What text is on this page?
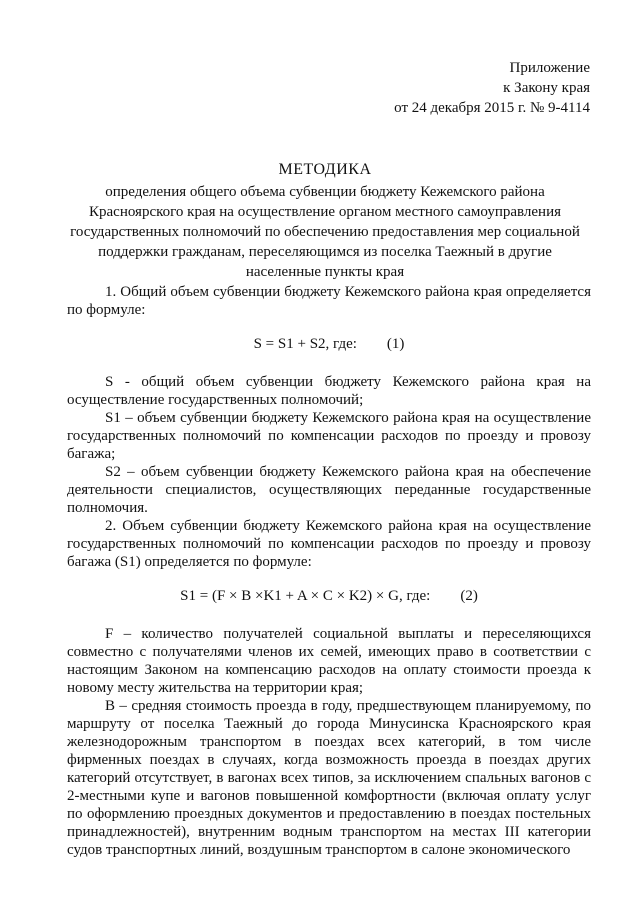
Приложение
к Закону края
от 24 декабря 2015 г. № 9-4114
МЕТОДИКА
определения общего объема субвенции бюджету Кежемского района
Красноярского края на осуществление органом местного самоуправления
государственных полномочий по обеспечению предоставления мер социальной
поддержки гражданам, переселяющимся из поселка Таежный в другие
населенные пункты края

1. Общий объем субвенции бюджету Кежемского района края определяется по формуле:

S = S1 + S2, где: (1)

S - общий объем субвенции бюджету Кежемского района края на осуществление государственных полномочий;

S1 – объем субвенции бюджету Кежемского района края на осуществление государственных полномочий по компенсации расходов по проезду и провозу багажа;

S2 – объем субвенции бюджету Кежемского района края на обеспечение деятельности специалистов, осуществляющих переданные государственные полномочия.

2. Объем субвенции бюджету Кежемского района края на осуществление государственных полномочий по компенсации расходов по проезду и провозу багажа (S1) определяется по формуле:

S1 = (F × B ×K1 + A × C × K2) × G, где: (2)

F – количество получателей социальной выплаты и переселяющихся совместно с получателями членов их семей, имеющих право в соответствии с настоящим Законом на компенсацию расходов на оплату стоимости проезда к новому месту жительства на территории края;

B – средняя стоимость проезда в году, предшествующем планируемому, по маршруту от поселка Таежный до города Минусинска Красноярского края железнодорожным транспортом в поездах всех категорий, в том числе фирменных поездах в случаях, когда возможность проезда в поездах других категорий отсутствует, в вагонах всех типов, за исключением спальных вагонов с 2-местными купе и вагонов повышенной комфортности (включая оплату услуг по оформлению проездных документов и предоставлению в поездах постельных принадлежностей), внутренним водным транспортом на местах III категории судов транспортных линий, воздушным транспортом в салоне экономического
